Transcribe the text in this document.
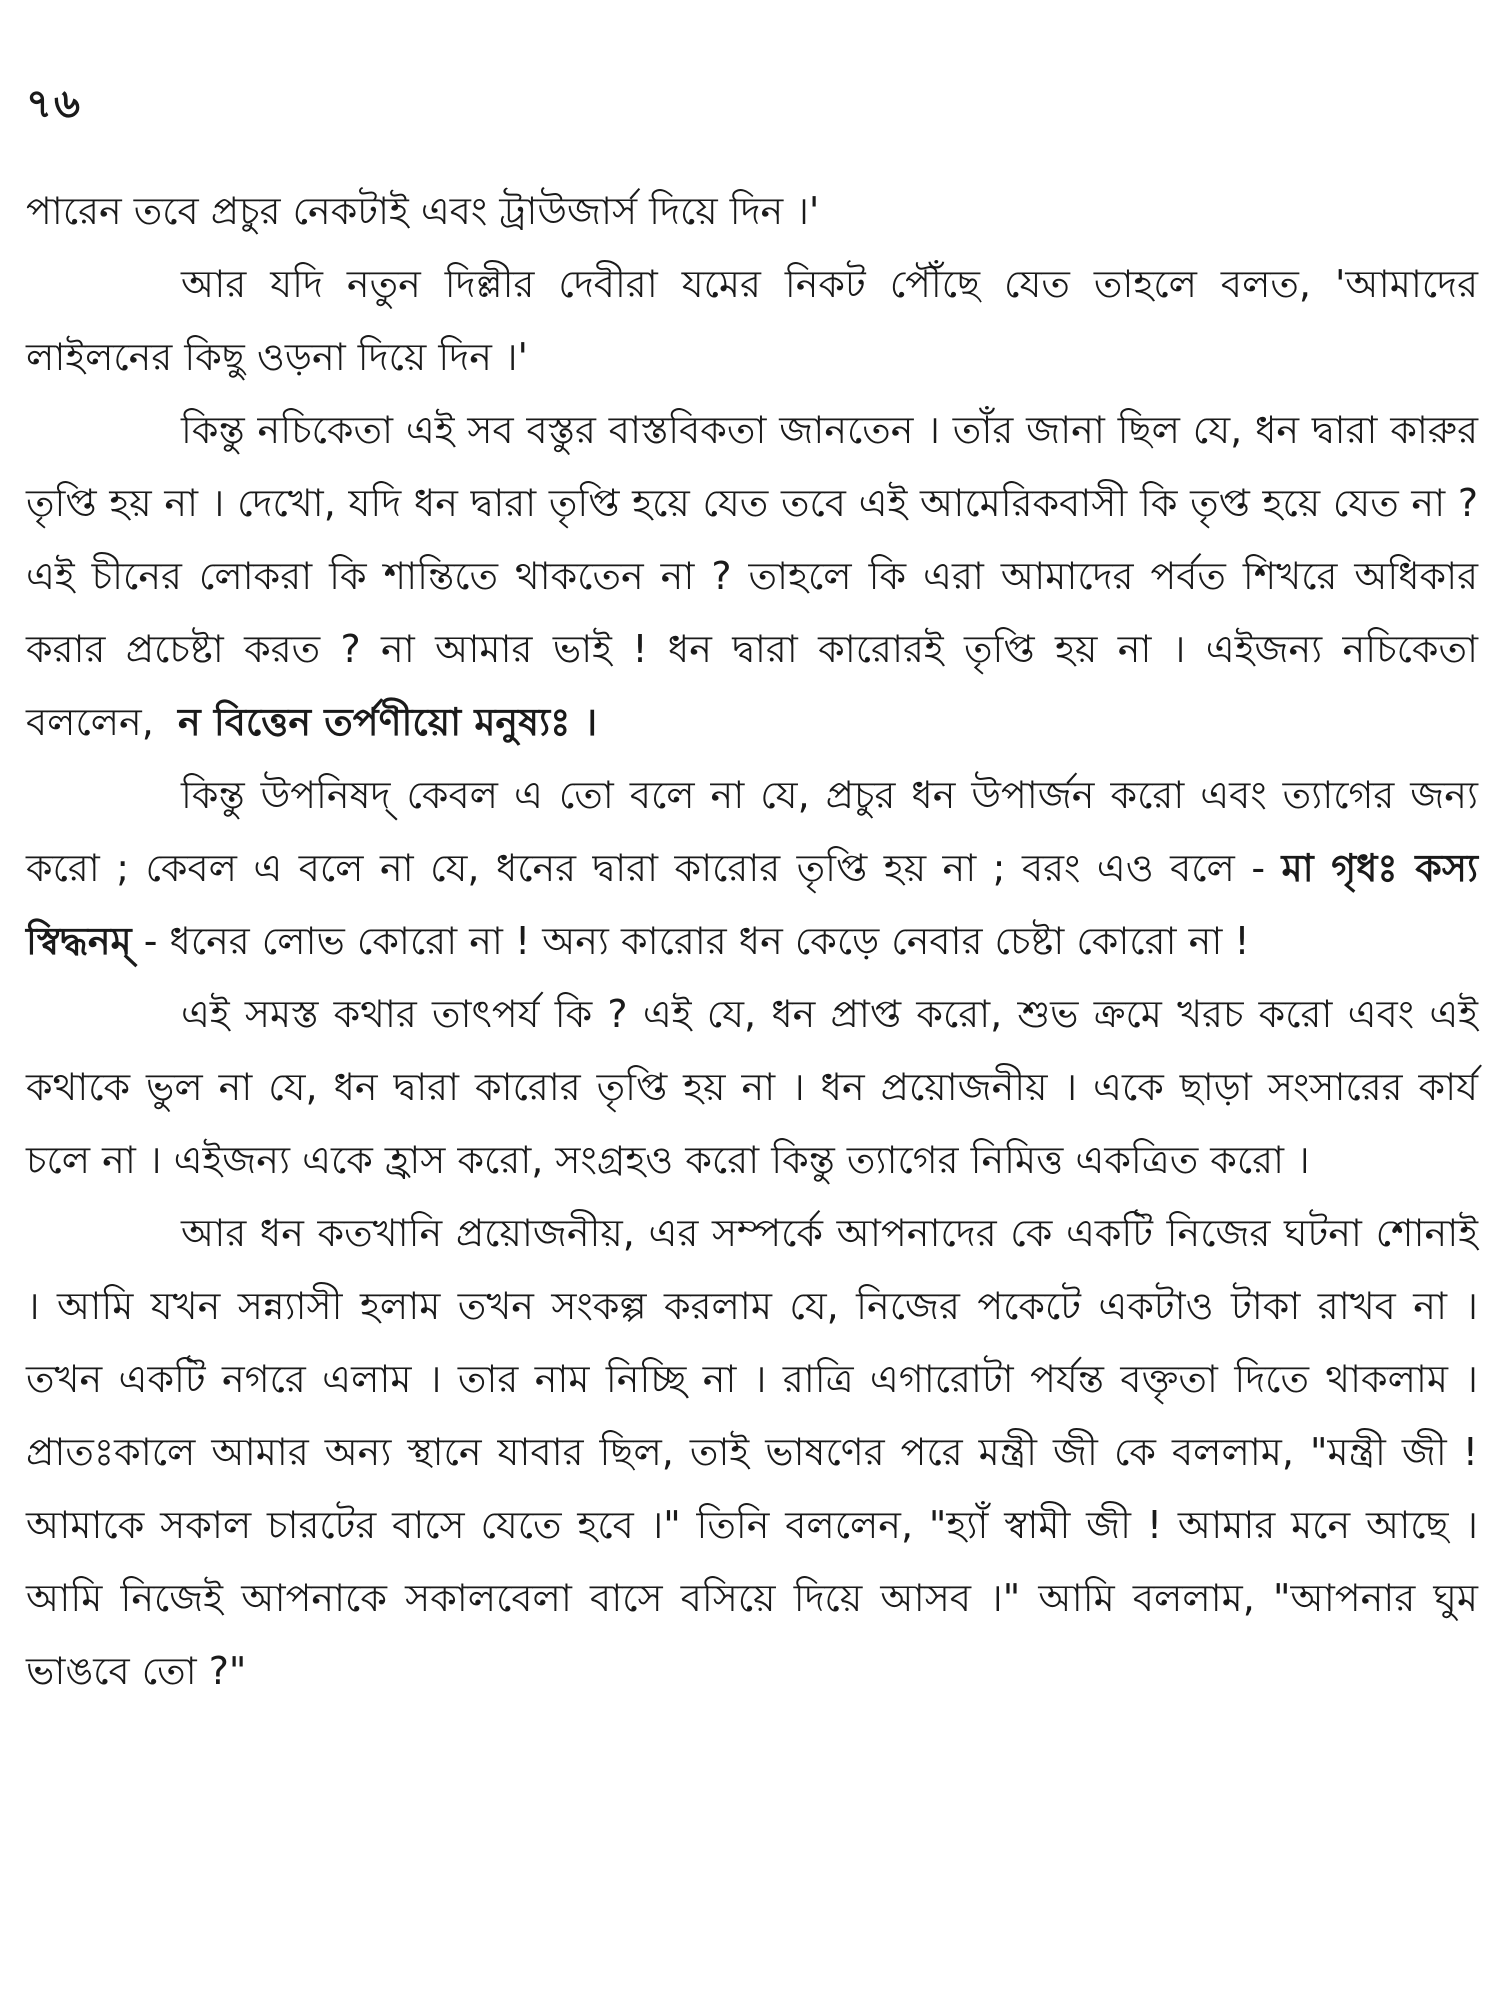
৭৬

পারেন তবে প্রচুর নেকটাই এবং ট্রাউজার্স দিয়ে দিন ।'

আর যদি নতুন দিল্লীর দেবীরা যমের নিকট পৌঁছে যেত তাহলে বলত, 'আমাদের লাইলনের কিছু ওড়না দিয়ে দিন ।'

কিন্তু নচিকেতা এই সব বস্তুর বাস্তবিকতা জানতেন । তাঁর জানা ছিল যে, ধন দ্বারা কারুর তৃপ্তি হয় না । দেখো, যদি ধন দ্বারা তৃপ্তি হয়ে যেত তবে এই আমেরিকবাসী কি তৃপ্ত হয়ে যেত না ? এই চীনের লোকরা কি শান্তিতে থাকতেন না ? তাহলে কি এরা আমাদের পর্বত শিখরে অধিকার করার প্রচেষ্টা করত ? না আমার ভাই ! ধন দ্বারা কারোরই তৃপ্তি হয় না । এইজন্য নচিকেতা বললেন, ন বিত্তেন তর্পণীয়ো মনুষ্যঃ ।

কিন্তু উপনিষদ্ কেবল এ তো বলে না যে, প্রচুর ধন উপার্জন করো এবং ত্যাগের জন্য করো ; কেবল এ বলে না যে, ধনের দ্বারা কারোর তৃপ্তি হয় না ; বরং এও বলে - মা গৃধঃ কস্য স্বিদ্ধনম্ - ধনের লোভ কোরো না ! অন্য কারোর ধন কেড়ে নেবার চেষ্টা কোরো না !

এই সমস্ত কথার তাৎপর্য কি ? এই যে, ধন প্রাপ্ত করো, শুভ ক্রমে খরচ করো এবং এই কথাকে ভুল না যে, ধন দ্বারা কারোর তৃপ্তি হয় না । ধন প্রয়োজনীয় । একে ছাড়া সংসারের কার্য চলে না । এইজন্য একে হ্রাস করো, সংগ্রহও করো কিন্তু ত্যাগের নিমিত্ত একত্রিত করো ।

আর ধন কতখানি প্রয়োজনীয়, এর সম্পর্কে আপনাদের কে একটি নিজের ঘটনা শোনাই । আমি যখন সন্ন্যাসী হলাম তখন সংকল্প করলাম যে, নিজের পকেটে একটাও টাকা রাখব না । তখন একটি নগরে এলাম । তার নাম নিচ্ছি না । রাত্রি এগারোটা পর্যন্ত বক্তৃতা দিতে থাকলাম । প্রাতঃকালে আমার অন্য স্থানে যাবার ছিল, তাই ভাষণের পরে মন্ত্রী জী কে বললাম, "মন্ত্রী জী ! আমাকে সকাল চারটের বাসে যেতে হবে ।" তিনি বললেন, "হ্যাঁ স্বামী জী ! আমার মনে আছে । আমি নিজেই আপনাকে সকালবেলা বাসে বসিয়ে দিয়ে আসব ।" আমি বললাম, "আপনার ঘুম ভাঙবে তো ?"
